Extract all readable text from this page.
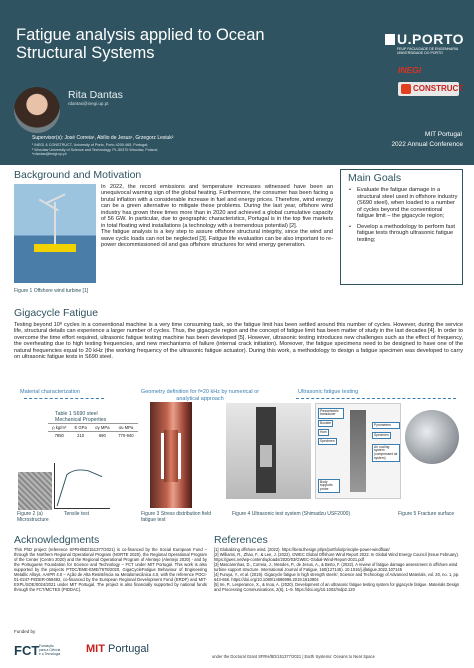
Fatigue analysis applied to Ocean Structural Systems
Rita Dantas
rdantas@inegi.up.pt
Supervisor(s): José Correia¹, Abílio de Jesus¹, Grzegorz Lesiuk²
¹ INEGI & CONSTRUCT, University of Porto, Porto 4200-465, Portugal;
² Wroclaw University of Science and Technology, PL-50370 Wroclaw, Poland;
*rdantas@inegi.up.pt
U.PORTO
FEUP FACULDADE DE ENGENHARIA
UNIVERSIDADE DO PORTO
INEGI
CONSTRUCT
MIT Portugal
2022 Annual Conference
Background and Motivation

In 2022, the record emissions and temperature increases witnessed have been an unequivocal warning sign of the global heating. Furthermore, the consumer has been facing a brutal inflation with a considerable increase in fuel and energy prices. Therefore, wind energy can be a green alternative to mitigate these problems. During the last year, offshore wind industry has grown three times more than in 2020 and achieved a global cumulative capacity of 56 GW. In particular, due to geographic characteristics, Portugal is in the top five markets in total floating wind installations (a technology with a tremendous potential) [2].

The fatigue analysis is a key step to assure offshore structural integrity, since the wind and wave cyclic loads can not be neglected [3]. Fatigue life evaluation can be also important to re-power decommissioned oil and gas offshore structures for wind energy generation.

Figure 1 Offshore wind turbine [1]
Main Goals
• Evaluate the fatigue damage in a structural steel used in offshore industry (S690 steel), when loaded to a number of cycles beyond the conventional fatigue limit – the gigacycle region;
• Develop a methodology to perform fast fatigue tests through ultrasonic fatigue testing;
Gigacycle Fatigue
Testing beyond 10⁸ cycles in a conventional machine is a very time consuming task, so the fatigue limit has been settled around this number of cycles. However, during the service life, structural details can experience a larger number of cycles. Thus, the gigacycle region and the concept of fatigue limit has been matter of study in the last decades [4]. In order to overcome the time effort required, ultrasonic fatigue testing machine has been developed [5]. However, ultrasonic testing introduces new challenges such as the effect of frequency, the overheating due to high testing frequencies, and new mechanisms of failure (internal crack initiation). Moreover, the fatigue specimens need to be designed to have one of the natural frequencies equal to 20 kHz (the working frequency of the ultrasonic fatigue actuator). During this work, a methodology to design a fatigue specimen was developed to carry on ultrasonic fatigue tests in S690 steel.
Material characterization	Geometry definition for f=20 kHz by numerical or analytical approach
Ultrasonic fatigue testing
Table 1 S690 steel Mechanical Properties
ρ kg/m³	E GPa	σy MPa	σu MPa
7850	210	690	770-940
Piezoelectric transducer
Booster
Horn
Specimen
Air cooling system (compressed air system)
Pyrometers
Specimen
Body supports probe
Figure 2 (a) Microstructure
Tensile test	Figure 3 Stress distribution field fatigue test
Figure 4 Ultrasonic test system (Shimadzu USF2000)	Figure 5 Fracture surface
Acknowledgments
This PhD project (reference SFRH/BD/151377/2021) is co-financed by the Social European Fund – through the Northern Regional Operational Program (NORTE 2020), the Regional Operational Program of the Center (Centro 2020) and the Regional Operational Program of Alentejo (Alentejo 2020) - and by the Portuguese Foundation for Science and Technology – FCT under MIT Portugal. This work is also supported by the projects PTDC/EME-EME/7678/2020, GigaCycleFatigue Behaviour of Engineering Metallic Alloys, AAIPR 4.0 – Ação de Alta Resistência na Metalomecânica 4.0, with the reference POCI-01-0247-FEDER-069492, co-financed by the European Regional Development Fund (ERDF) and MIT-EXPL/SOE/0024/2021 under MIT Portugal. The project is also financially supported by national funds through the FCT/MCTES (PIDDAC).
References
[1] Globalizing offshore wind. (2022). https://beta.thesign.pt/ps/portfolio/principle-power-windfloat/
[2] Williams, R., Zhao, F., & Lee, J. (2022). GWEC Global Offshore Wind Report 2022. In Global Wind Energy Council (Issue February). https://gwec.net/wp-content/uploads/2020/03/GWEC-Global-Wind-Report-2021.pdf
[3] Mascarenhas, D., Correia, J., Mendes, P., de Jesus, A., & Berto, F. (2022). A review of fatigue damage assessment in offshore wind turbine support structure. International Journal of Fatigue, 160(127145). 10.1016/j.ijfatigue.2022.107145
[4] Furuya, Y., et al. (2019). Gigacycle fatigue in high strength steels', Science and Technology of Advanced Materials, vol. 20, no. 1, pp. 643-656. https://doi.org/10.1080/14686996.2019.1610904
[5] Ire, P., Lesperance, X., & Inoa, A. (2020). Development of an ultrasonic fatigue testing system for gigacycle fatigue. Materials Design and Processing Communications, 2(6), 1–9. https://doi.org/10.1002/mdp2.120
Funded by
FCT Fundação
para a Ciência
e a Tecnologia MIT Portugal
under the Doctoral Grant SFRH/BD/151377/2021 | Earth Systems: Oceans to Near Space
